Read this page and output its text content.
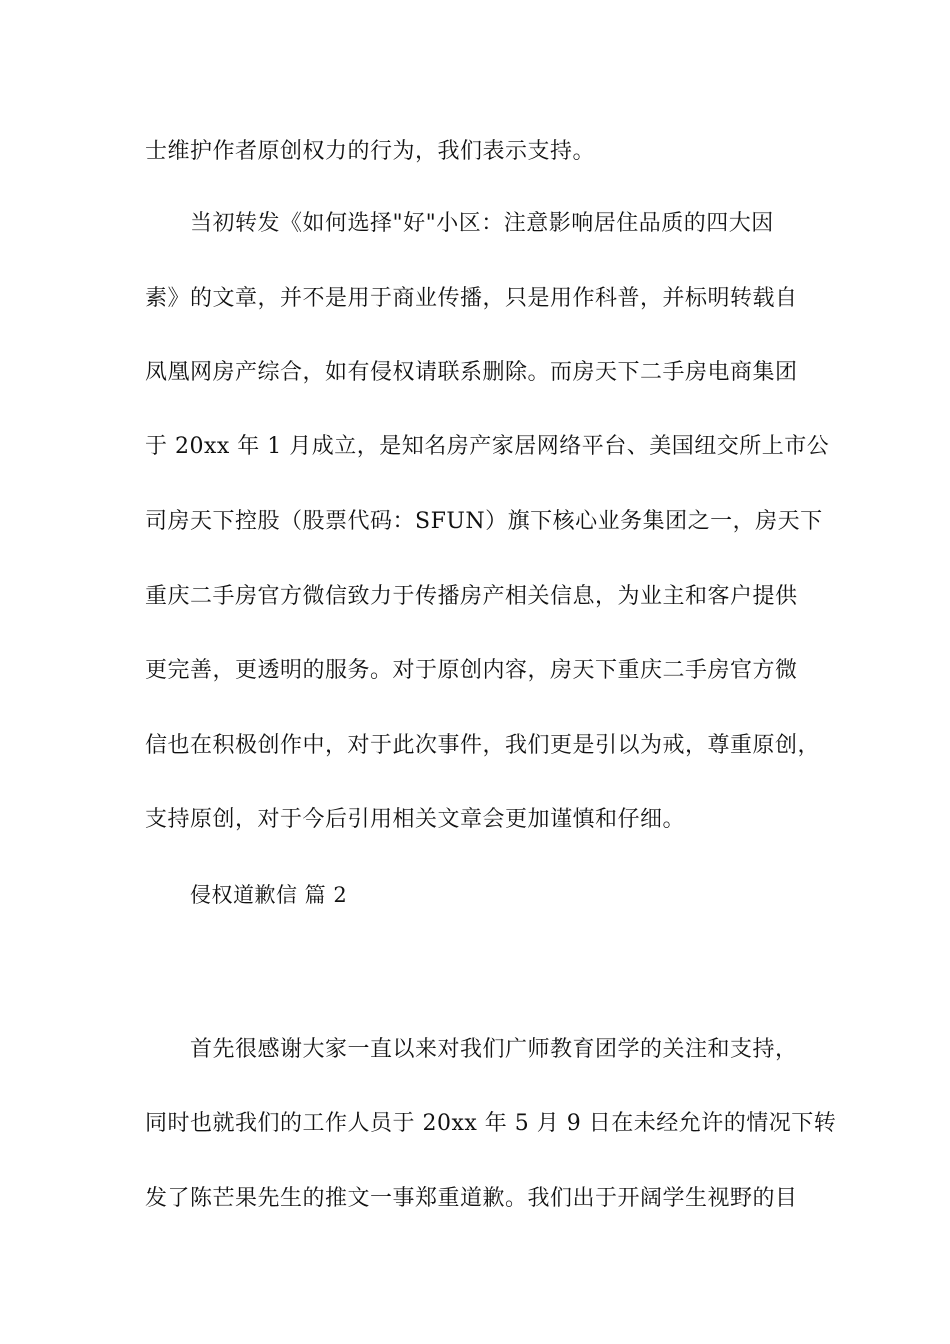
士维护作者原创权力的行为，我们表示支持。
当初转发《如何选择"好"小区：注意影响居住品质的四大因
素》的文章，并不是用于商业传播，只是用作科普，并标明转载自
凤凰网房产综合，如有侵权请联系删除。而房天下二手房电商集团
于 20xx 年 1 月成立，是知名房产家居网络平台、美国纽交所上市公
司房天下控股（股票代码：SFUN）旗下核心业务集团之一，房天下
重庆二手房官方微信致力于传播房产相关信息，为业主和客户提供
更完善，更透明的服务。对于原创内容，房天下重庆二手房官方微
信也在积极创作中，对于此次事件，我们更是引以为戒，尊重原创，
支持原创，对于今后引用相关文章会更加谨慎和仔细。
侵权道歉信 篇 2
首先很感谢大家一直以来对我们广师教育团学的关注和支持，
同时也就我们的工作人员于 20xx 年 5 月 9 日在未经允许的情况下转
发了陈芒果先生的推文一事郑重道歉。我们出于开阔学生视野的目
